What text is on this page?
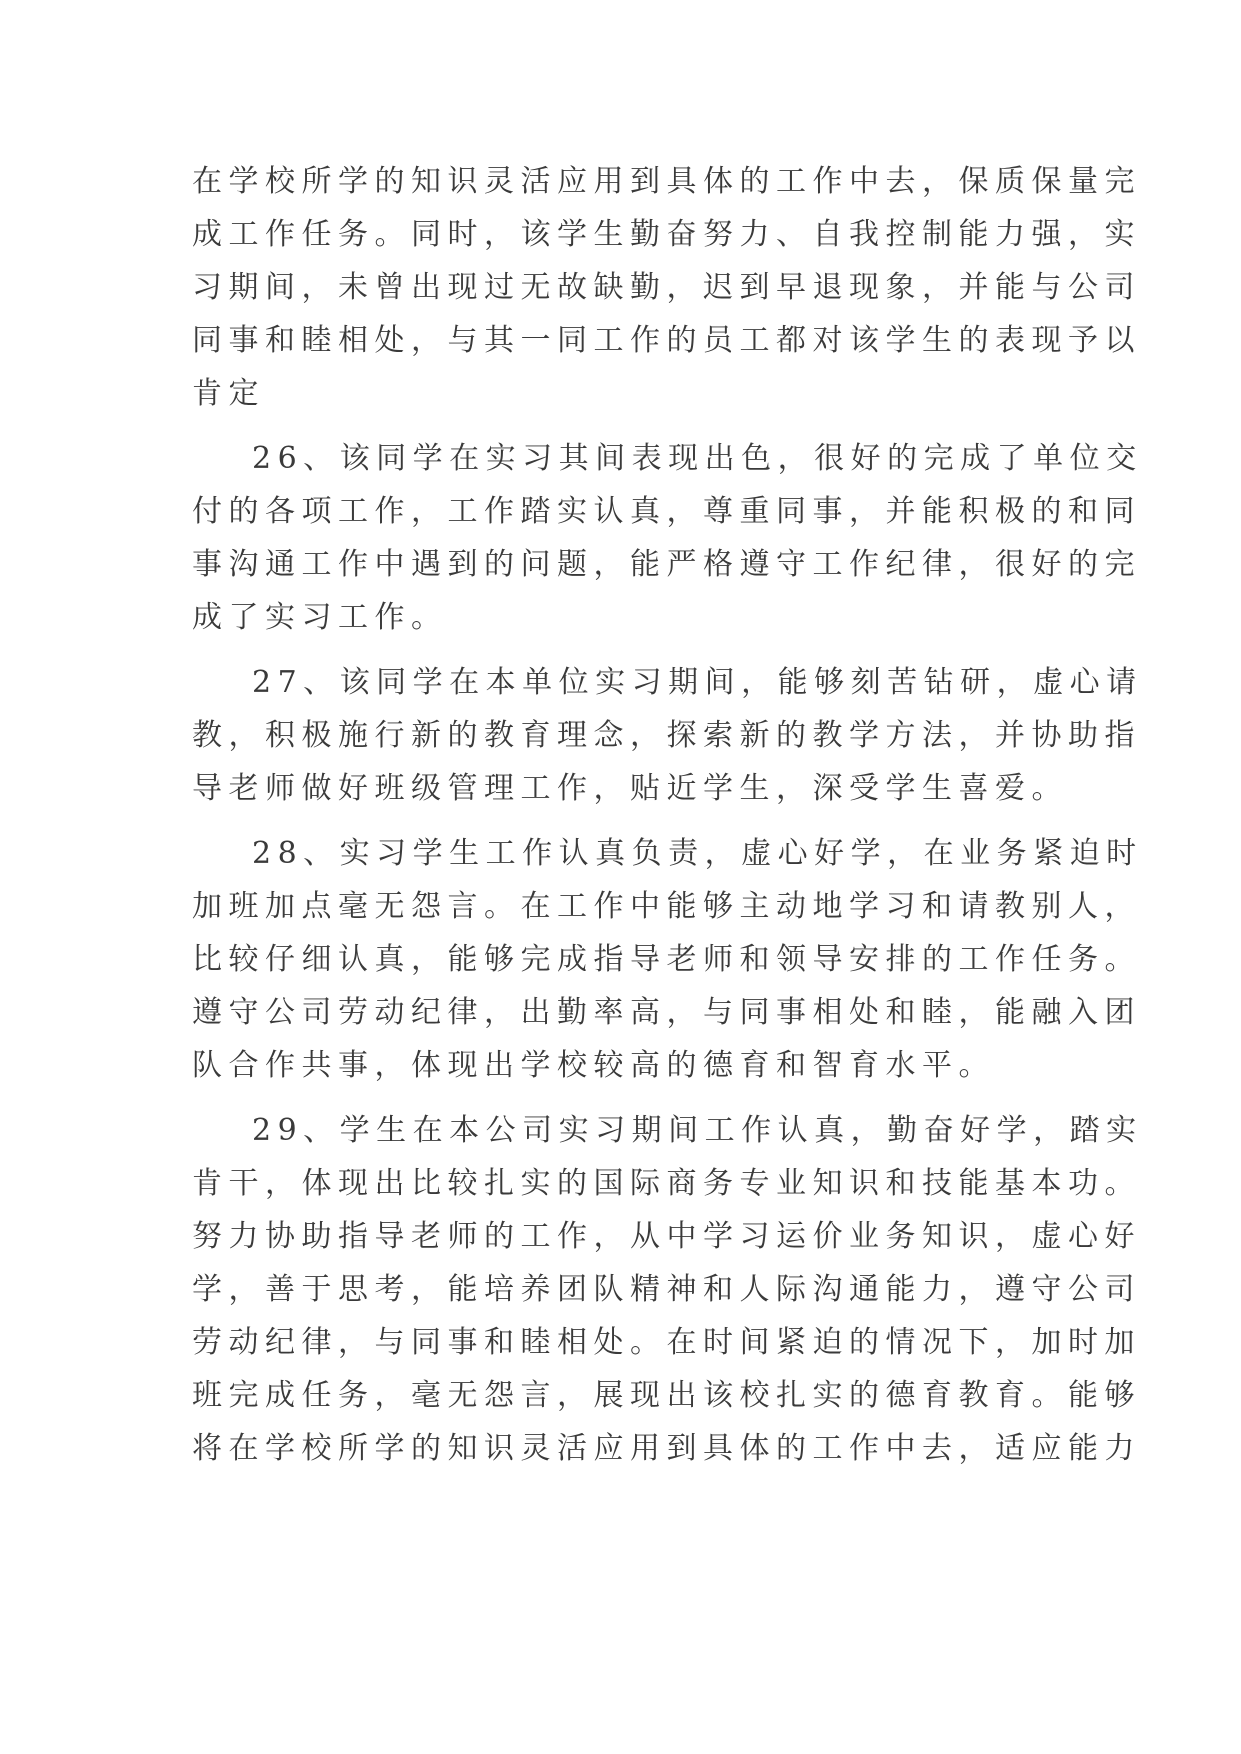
在学校所学的知识灵活应用到具体的工作中去，保质保量完
成工作任务。同时，该学生勤奋努力、自我控制能力强，实
习期间，未曾出现过无故缺勤，迟到早退现象，并能与公司
同事和睦相处，与其一同工作的员工都对该学生的表现予以
肯定
26、该同学在实习其间表现出色，很好的完成了单位交
付的各项工作，工作踏实认真，尊重同事，并能积极的和同
事沟通工作中遇到的问题，能严格遵守工作纪律，很好的完
成了实习工作。
27、该同学在本单位实习期间，能够刻苦钻研，虚心请
教，积极施行新的教育理念，探索新的教学方法，并协助指
导老师做好班级管理工作，贴近学生，深受学生喜爱。
28、实习学生工作认真负责，虚心好学，在业务紧迫时
加班加点毫无怨言。在工作中能够主动地学习和请教别人，
比较仔细认真，能够完成指导老师和领导安排的工作任务。
遵守公司劳动纪律，出勤率高，与同事相处和睦，能融入团
队合作共事，体现出学校较高的德育和智育水平。
29、学生在本公司实习期间工作认真，勤奋好学，踏实
肯干，体现出比较扎实的国际商务专业知识和技能基本功。
努力协助指导老师的工作，从中学习运价业务知识，虚心好
学，善于思考，能培养团队精神和人际沟通能力，遵守公司
劳动纪律，与同事和睦相处。在时间紧迫的情况下，加时加
班完成任务，毫无怨言，展现出该校扎实的德育教育。能够
将在学校所学的知识灵活应用到具体的工作中去，适应能力
